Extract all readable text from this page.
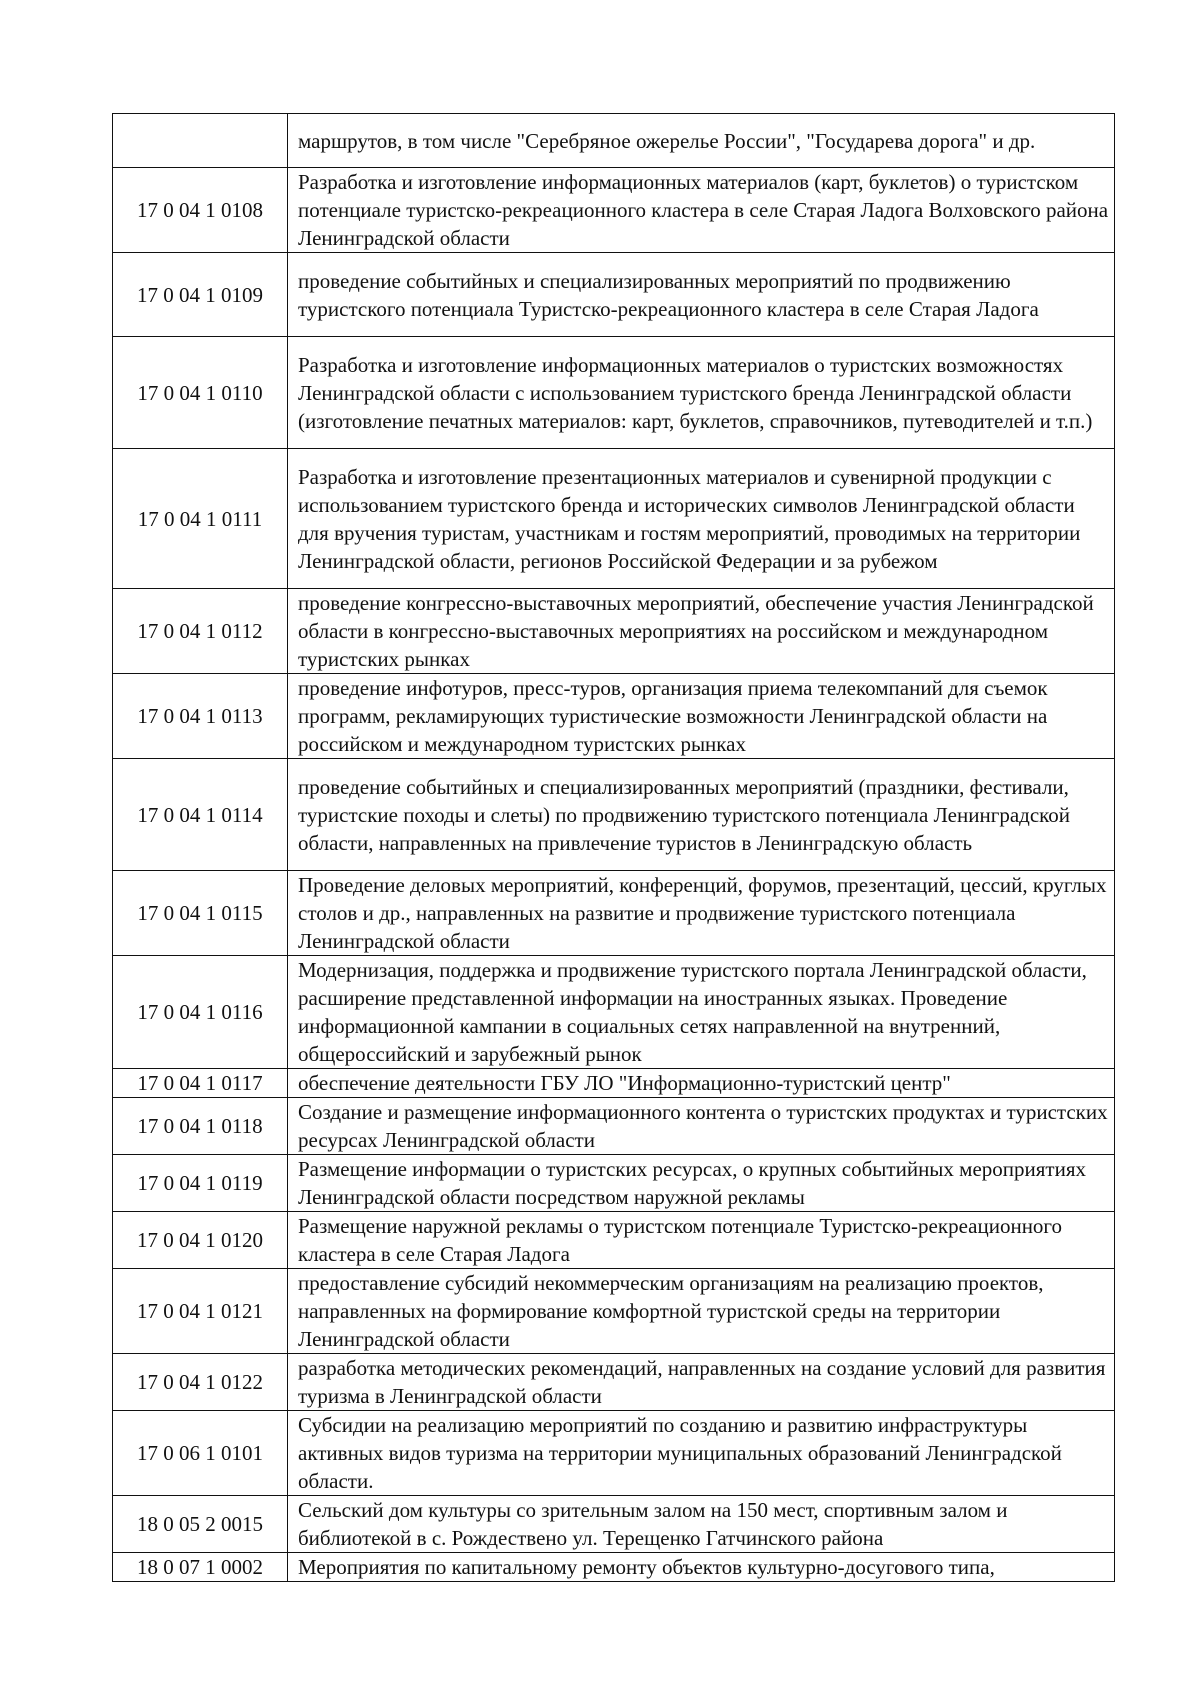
	маршрутов, в том числе "Серебряное ожерелье России", "Государева дорога" и др.
17 0 04 1 0108	Разработка и изготовление информационных материалов (карт, буклетов) о туристском потенциале туристско-рекреационного кластера в селе Старая Ладога Волховского района Ленинградской области
17 0 04 1 0109	проведение событийных и специализированных мероприятий по продвижению туристского потенциала Туристско-рекреационного кластера в селе Старая Ладога
17 0 04 1 0110	Разработка и изготовление информационных материалов о туристских возможностях Ленинградской области с использованием туристского бренда Ленинградской области (изготовление печатных материалов: карт, буклетов, справочников, путеводителей и т.п.)
17 0 04 1 0111	Разработка и изготовление презентационных материалов и сувенирной продукции с использованием туристского бренда и исторических символов Ленинградской области для вручения туристам, участникам и гостям мероприятий, проводимых на территории Ленинградской области, регионов Российской Федерации и за рубежом
17 0 04 1 0112	проведение конгрессно-выставочных мероприятий, обеспечение участия Ленинградской области в конгрессно-выставочных мероприятиях на российском и международном туристских рынках
17 0 04 1 0113	проведение инфотуров, пресс-туров, организация приема телекомпаний для съемок программ, рекламирующих туристические возможности Ленинградской области на российском и международном туристских рынках
17 0 04 1 0114	проведение событийных и специализированных мероприятий (праздники, фестивали, туристские походы и слеты) по продвижению туристского потенциала Ленинградской области, направленных на привлечение туристов в Ленинградскую область
17 0 04 1 0115	Проведение деловых мероприятий, конференций, форумов, презентаций, цессий, круглых столов и др., направленных на развитие и продвижение туристского потенциала Ленинградской области
17 0 04 1 0116	Модернизация, поддержка и продвижение туристского портала Ленинградской области, расширение представленной информации на иностранных языках. Проведение информационной кампании в социальных сетях направленной на внутренний, общероссийский и зарубежный рынок
17 0 04 1 0117	обеспечение деятельности ГБУ ЛО "Информационно-туристский центр"
17 0 04 1 0118	Создание и размещение информационного контента о туристских продуктах и туристских ресурсах Ленинградской области
17 0 04 1 0119	Размещение информации о туристских ресурсах, о крупных событийных мероприятиях Ленинградской области посредством наружной рекламы
17 0 04 1 0120	Размещение наружной рекламы о туристском потенциале Туристско-рекреационного кластера в селе Старая Ладога
17 0 04 1 0121	предоставление субсидий некоммерческим организациям на реализацию проектов, направленных на формирование комфортной туристской среды на территории Ленинградской области
17 0 04 1 0122	разработка методических рекомендаций, направленных на создание условий для развития туризма в Ленинградской области
17 0 06 1 0101	Субсидии на реализацию мероприятий по созданию и развитию инфраструктуры активных видов туризма на территории муниципальных образований Ленинградской области.
18 0 05 2 0015	Сельский дом культуры со зрительным залом на 150 мест, спортивным залом и библиотекой в с. Рождествено ул. Терещенко Гатчинского района
18 0 07 1 0002	Мероприятия по капитальному ремонту объектов культурно-досугового типа,
